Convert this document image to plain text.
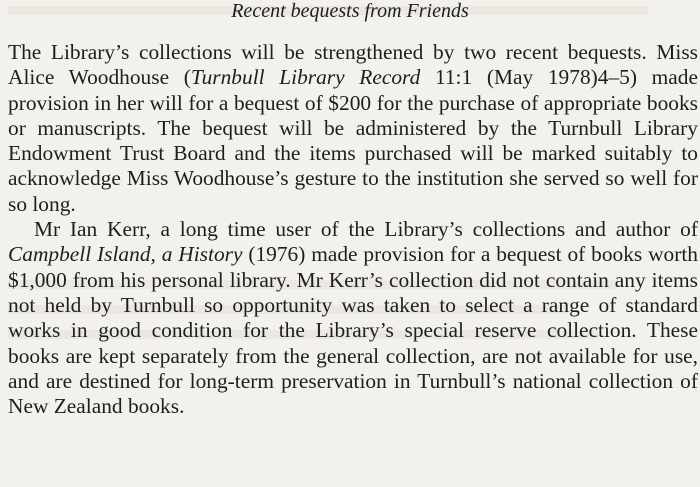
Recent bequests from Friends

The Library’s collections will be strengthened by two recent bequests. Miss Alice Woodhouse (Turnbull Library Record 11:1 (May 1978)4–5) made provision in her will for a bequest of $200 for the purchase of appropriate books or manuscripts. The bequest will be administered by the Turnbull Library Endowment Trust Board and the items purchased will be marked suitably to acknowledge Miss Woodhouse’s gesture to the institution she served so well for so long.

Mr Ian Kerr, a long time user of the Library’s collections and author of Campbell Island, a History (1976) made provision for a bequest of books worth $1,000 from his personal library. Mr Kerr’s collection did not contain any items not held by Turnbull so opportunity was taken to select a range of standard works in good condition for the Library’s special reserve collection. These books are kept separately from the general collection, are not available for use, and are destined for long-term preservation in Turnbull’s national collection of New Zealand books.
